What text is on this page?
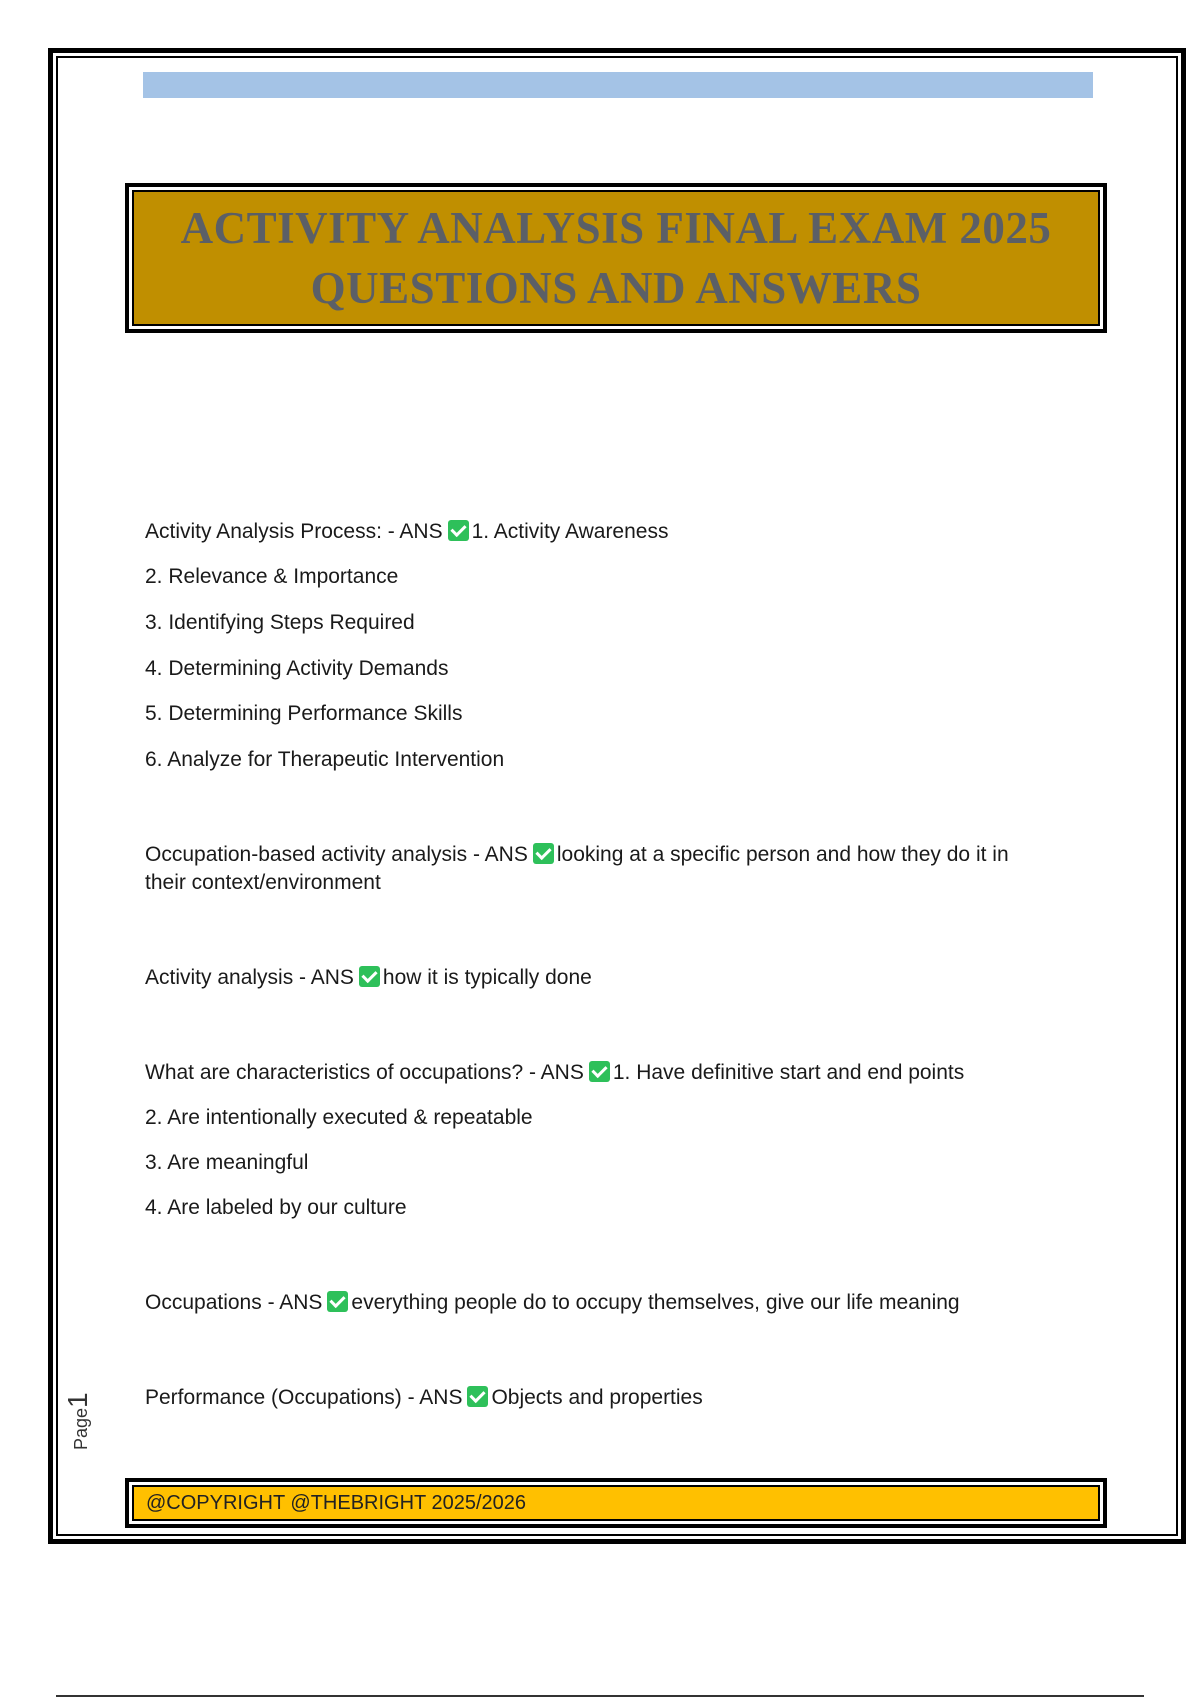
ACTIVITY ANALYSIS FINAL EXAM 2025
QUESTIONS AND ANSWERS
Activity Analysis Process: - ANS 1. Activity Awareness
2. Relevance & Importance
3. Identifying Steps Required
4. Determining Activity Demands
5. Determining Performance Skills
6. Analyze for Therapeutic Intervention
Occupation-based activity analysis - ANS looking at a specific person and how they do it in
their context/environment
Activity analysis - ANS how it is typically done
What are characteristics of occupations? - ANS 1. Have definitive start and end points
2. Are intentionally executed & repeatable
3. Are meaningful
4. Are labeled by our culture
Occupations - ANS everything people do to occupy themselves, give our life meaning
Performance (Occupations) - ANS Objects and properties
Page1
@COPYRIGHT @THEBRIGHT 2025/2026
